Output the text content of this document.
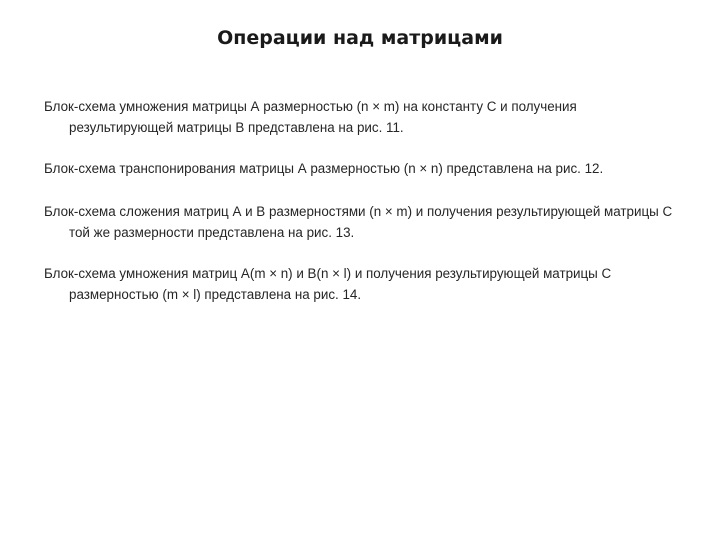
Операции над матрицами
Блок-схема умножения матрицы А размерностью (n × m) на константу С и получения результирующей матрицы В представлена на рис. 11.
Блок-схема транспонирования матрицы А размерностью (n × n) представлена на рис. 12.
Блок-схема сложения матриц А и В размерностями (n × m) и получения результирующей матрицы С той же размерности представлена на рис. 13.
Блок-схема умножения матриц A(m × n) и B(n × l) и получения результирующей матрицы C размерностью (m × l) представлена на рис. 14.
